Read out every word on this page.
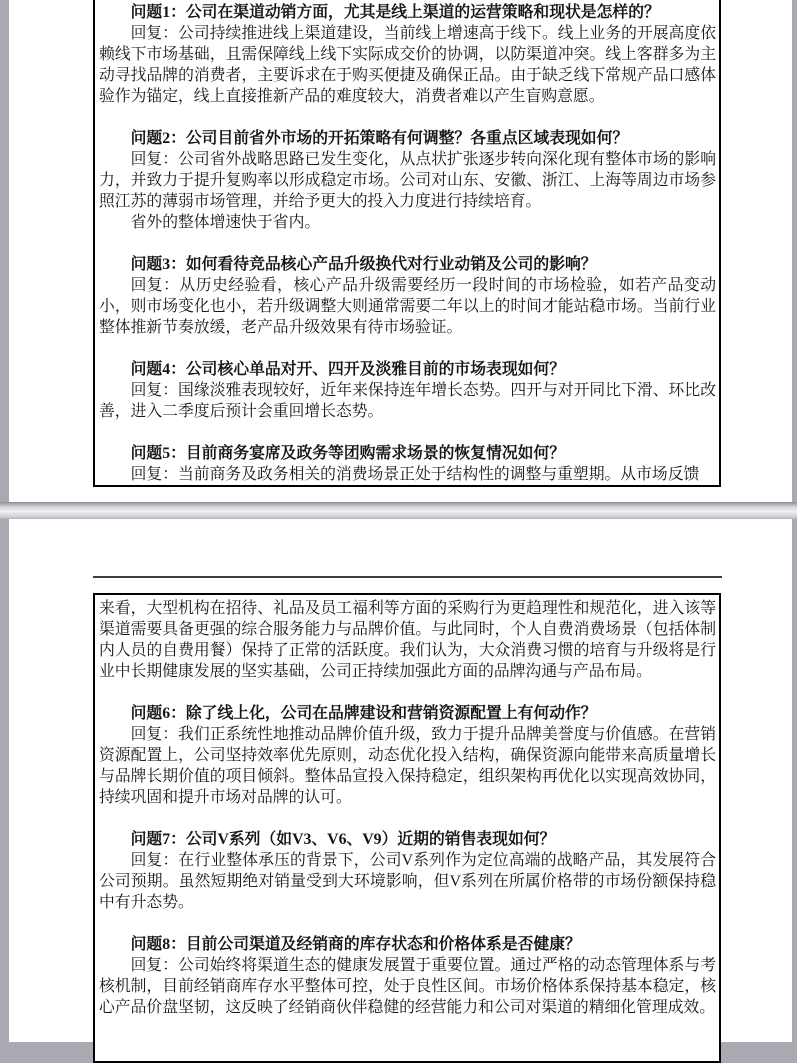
问题1：公司在渠道动销方面，尤其是线上渠道的运营策略和现状是怎样的？

回复：公司持续推进线上渠道建设，当前线上增速高于线下。线上业务的开展高度依赖线下市场基础，且需保障线上线下实际成交价的协调，以防渠道冲突。线上客群多为主动寻找品牌的消费者，主要诉求在于购买便捷及确保正品。由于缺乏线下常规产品口感体验作为锚定，线上直接推新产品的难度较大，消费者难以产生盲购意愿。

问题2：公司目前省外市场的开拓策略有何调整？各重点区域表现如何？

回复：公司省外战略思路已发生变化，从点状扩张逐步转向深化现有整体市场的影响力，并致力于提升复购率以形成稳定市场。公司对山东、安徽、浙江、上海等周边市场参照江苏的薄弱市场管理，并给予更大的投入力度进行持续培育。

省外的整体增速快于省内。

问题3：如何看待竞品核心产品升级换代对行业动销及公司的影响？

回复：从历史经验看，核心产品升级需要经历一段时间的市场检验，如若产品变动小，则市场变化也小，若升级调整大则通常需要二年以上的时间才能站稳市场。当前行业整体推新节奏放缓，老产品升级效果有待市场验证。

问题4：公司核心单品对开、四开及淡雅目前的市场表现如何？

回复：国缘淡雅表现较好，近年来保持连年增长态势。四开与对开同比下滑、环比改善，进入二季度后预计会重回增长态势。

问题5：目前商务宴席及政务等团购需求场景的恢复情况如何？

回复：当前商务及政务相关的消费场景正处于结构性的调整与重塑期。从市场反馈

来看，大型机构在招待、礼品及员工福利等方面的采购行为更趋理性和规范化，进入该等渠道需要具备更强的综合服务能力与品牌价值。与此同时，个人自费消费场景（包括体制内人员的自费用餐）保持了正常的活跃度。我们认为，大众消费习惯的培育与升级将是行业中长期健康发展的坚实基础，公司正持续加强此方面的品牌沟通与产品布局。

问题6：除了线上化，公司在品牌建设和营销资源配置上有何动作？

回复：我们正系统性地推动品牌价值升级，致力于提升品牌美誉度与价值感。在营销资源配置上，公司坚持效率优先原则，动态优化投入结构，确保资源向能带来高质量增长与品牌长期价值的项目倾斜。整体品宣投入保持稳定，组织架构再优化以实现高效协同，持续巩固和提升市场对品牌的认可。

问题7：公司V系列（如V3、V6、V9）近期的销售表现如何？

回复：在行业整体承压的背景下，公司V系列作为定位高端的战略产品，其发展符合公司预期。虽然短期绝对销量受到大环境影响，但V系列在所属价格带的市场份额保持稳中有升态势。

问题8：目前公司渠道及经销商的库存状态和价格体系是否健康？

回复：公司始终将渠道生态的健康发展置于重要位置。通过严格的动态管理体系与考核机制，目前经销商库存水平整体可控，处于良性区间。市场价格体系保持基本稳定，核心产品价盘坚韧，这反映了经销商伙伴稳健的经营能力和公司对渠道的精细化管理成效。
